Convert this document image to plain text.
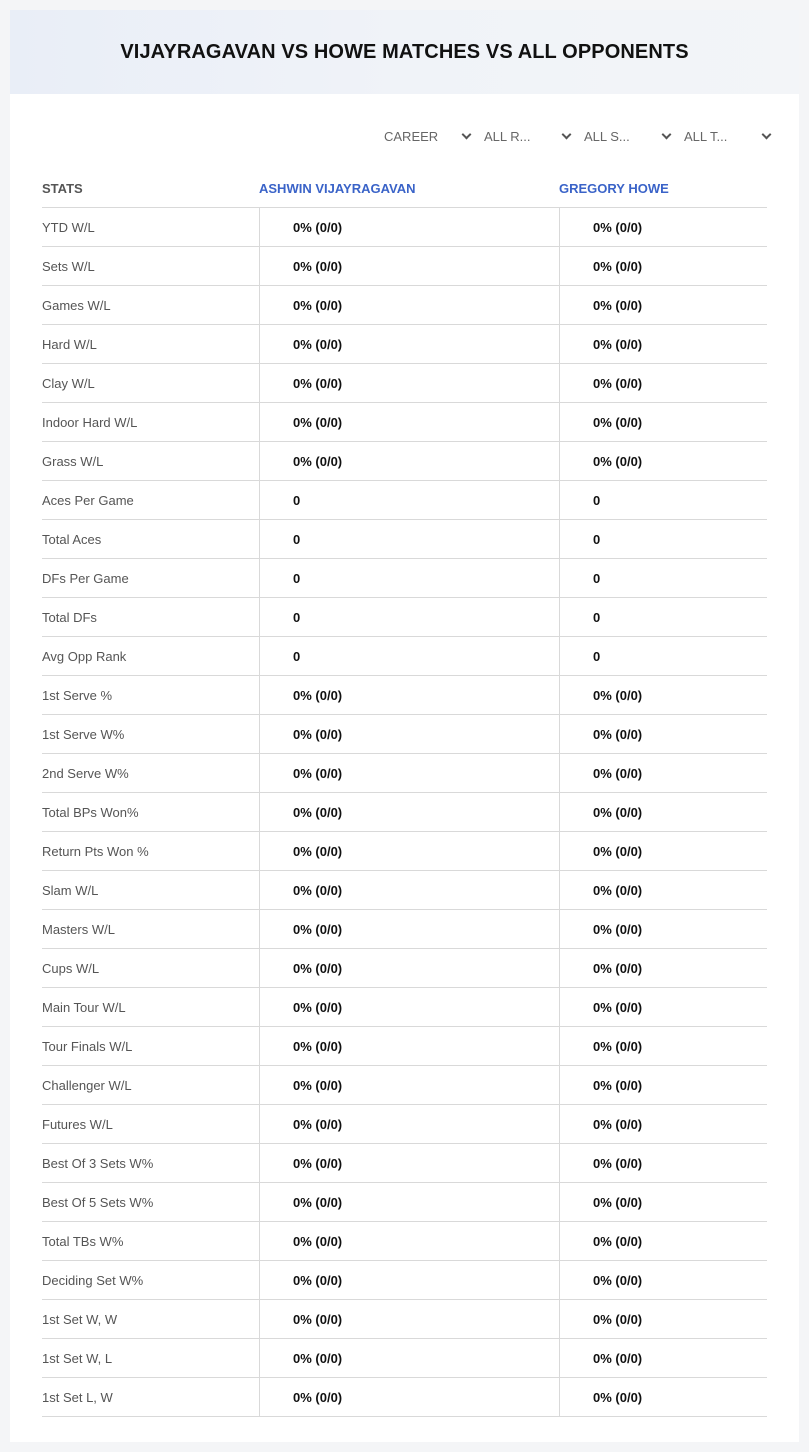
VIJAYRAGAVAN VS HOWE MATCHES VS ALL OPPONENTS
CAREER	ALL R...	ALL S...	ALL T...
STATS	ASHWIN VIJAYRAGAVAN	GREGORY HOWE
YTD W/L	0% (0/0)	0% (0/0)
Sets W/L	0% (0/0)	0% (0/0)
Games W/L	0% (0/0)	0% (0/0)
Hard W/L	0% (0/0)	0% (0/0)
Clay W/L	0% (0/0)	0% (0/0)
Indoor Hard W/L	0% (0/0)	0% (0/0)
Grass W/L	0% (0/0)	0% (0/0)
Aces Per Game	0	0
Total Aces	0	0
DFs Per Game	0	0
Total DFs	0	0
Avg Opp Rank	0	0
1st Serve %	0% (0/0)	0% (0/0)
1st Serve W%	0% (0/0)	0% (0/0)
2nd Serve W%	0% (0/0)	0% (0/0)
Total BPs Won%	0% (0/0)	0% (0/0)
Return Pts Won %	0% (0/0)	0% (0/0)
Slam W/L	0% (0/0)	0% (0/0)
Masters W/L	0% (0/0)	0% (0/0)
Cups W/L	0% (0/0)	0% (0/0)
Main Tour W/L	0% (0/0)	0% (0/0)
Tour Finals W/L	0% (0/0)	0% (0/0)
Challenger W/L	0% (0/0)	0% (0/0)
Futures W/L	0% (0/0)	0% (0/0)
Best Of 3 Sets W%	0% (0/0)	0% (0/0)
Best Of 5 Sets W%	0% (0/0)	0% (0/0)
Total TBs W%	0% (0/0)	0% (0/0)
Deciding Set W%	0% (0/0)	0% (0/0)
1st Set W, W	0% (0/0)	0% (0/0)
1st Set W, L	0% (0/0)	0% (0/0)
1st Set L, W	0% (0/0)	0% (0/0)
